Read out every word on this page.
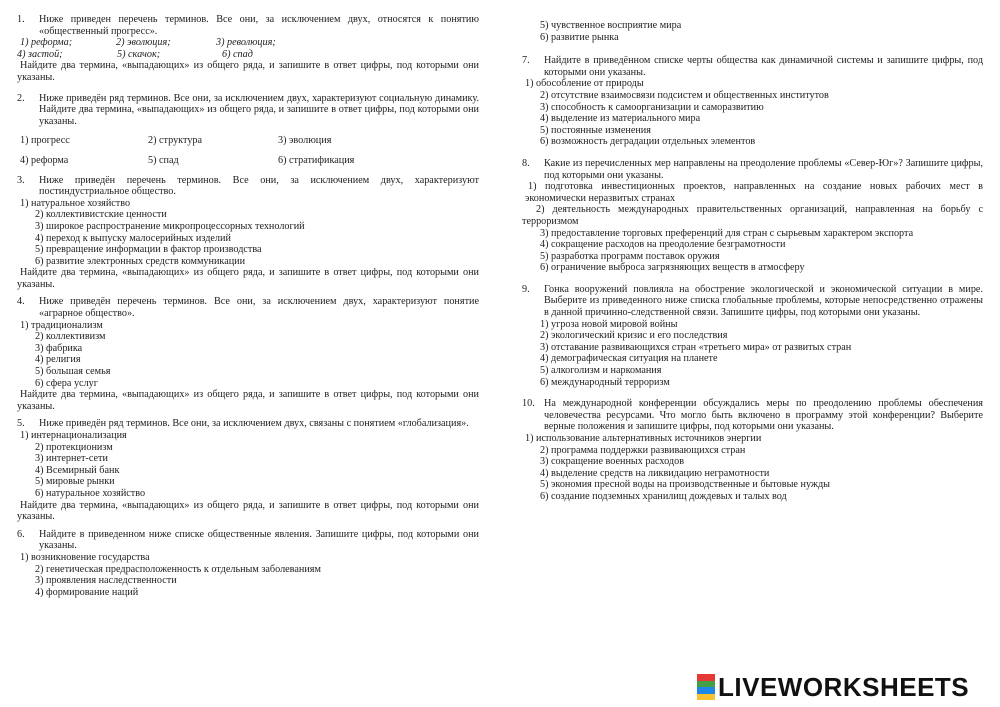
1. Ниже приведен перечень терминов. Все они, за исключением двух, относятся к понятию «общественный прогресс».
1) реформа;	2) эволюция;	3) революция;
4) застой;	5) скачок;	6) спад
Найдите два термина, «выпадающих» из общего ряда, и запишите в ответ цифры, под которыми они указаны.
2. Ниже приведён ряд терминов. Все они, за исключением двух, характеризуют социальную динамику. Найдите два термина, «выпадающих» из общего ряда, и запишите в ответ цифры, под которыми они указаны.
1) прогресс	2) структура	3) эволюция
4) реформа	5) спад	6) стратификация
3. Ниже приведён перечень терминов. Все они, за исключением двух, характеризуют постиндустриальное общество.
1) натуральное хозяйство
2) коллективистские ценности
3) широкое распространение микропроцессорных технологий
4) переход к выпуску малосерийных изделий
5) превращение информации в фактор производства
6) развитие электронных средств коммуникации
Найдите два термина, «выпадающих» из общего ряда, и запишите в ответ цифры, под которыми они указаны.
4. Ниже приведён перечень терминов. Все они, за исключением двух, характеризуют понятие «аграрное общество».
1) традиционализм
2) коллективизм
3) фабрика
4) религия
5) большая семья
6) сфера услуг
Найдите два термина, «выпадающих» из общего ряда, и запишите в ответ цифры, под которыми они указаны.
5. Ниже приведён ряд терминов. Все они, за исключением двух, связаны с понятием «глобализация».
1) интернационализация
2) протекционизм
3) интернет-сети
4) Всемирный банк
5) мировые рынки
6) натуральное хозяйство
Найдите два термина, «выпадающих» из общего ряда, и запишите в ответ цифры, под которыми они указаны.
6. Найдите в приведенном ниже списке общественные явления. Запишите цифры, под которыми они указаны.
1) возникновение государства
2) генетическая предрасположенность к отдельным заболеваниям
3) проявления наследственности
4) формирование наций
5) чувственное восприятие мира
6) развитие рынка
7. Найдите в приведённом списке черты общества как динамичной системы и запишите цифры, под которыми они указаны.
1) обособление от природы
2) отсутствие взаимосвязи подсистем и общественных институтов
3) способность к самоорганизации и саморазвитию
4) выделение из материального мира
5) постоянные изменения
6) возможность деградации отдельных элементов
8. Какие из перечисленных мер направлены на преодоление проблемы «Север-Юг»? Запишите цифры, под которыми они указаны.
1) подготовка инвестиционных проектов, направленных на создание новых рабочих мест в экономически неразвитых странах
2) деятельность международных правительственных организаций, направленная на борьбу с терроризмом
3) предоставление торговых преференций для стран с сырьевым характером экспорта
4) сокращение расходов на преодоление безграмотности
5) разработка программ поставок оружия
6) ограничение выброса загрязняющих веществ в атмосферу
9. Гонка вооружений повлияла на обострение экологической и экономической ситуации в мире. Выберите из приведенного ниже списка глобальные проблемы, которые непосредственно отражены в данной причинно-следственной связи. Запишите цифры, под которыми они указаны.
1) угроза новой мировой войны
2) экологический кризис и его последствия
3) отставание развивающихся стран «третьего мира» от развитых стран
4) демографическая ситуация на планете
5) алкоголизм и наркомания
6) международный терроризм
10. На международной конференции обсуждались меры по преодолению проблемы обеспечения человечества ресурсами. Что могло быть включено в программу этой конференции? Выберите верные положения и запишите цифры, под которыми они указаны.
1) использование альтернативных источников энергии
2) программа поддержки развивающихся стран
3) сокращение военных расходов
4) выделение средств на ликвидацию неграмотности
5) экономия пресной воды на производственные и бытовые нужды
6) создание подземных хранилищ дождевых и талых вод
LIVEWORKSHEETS
